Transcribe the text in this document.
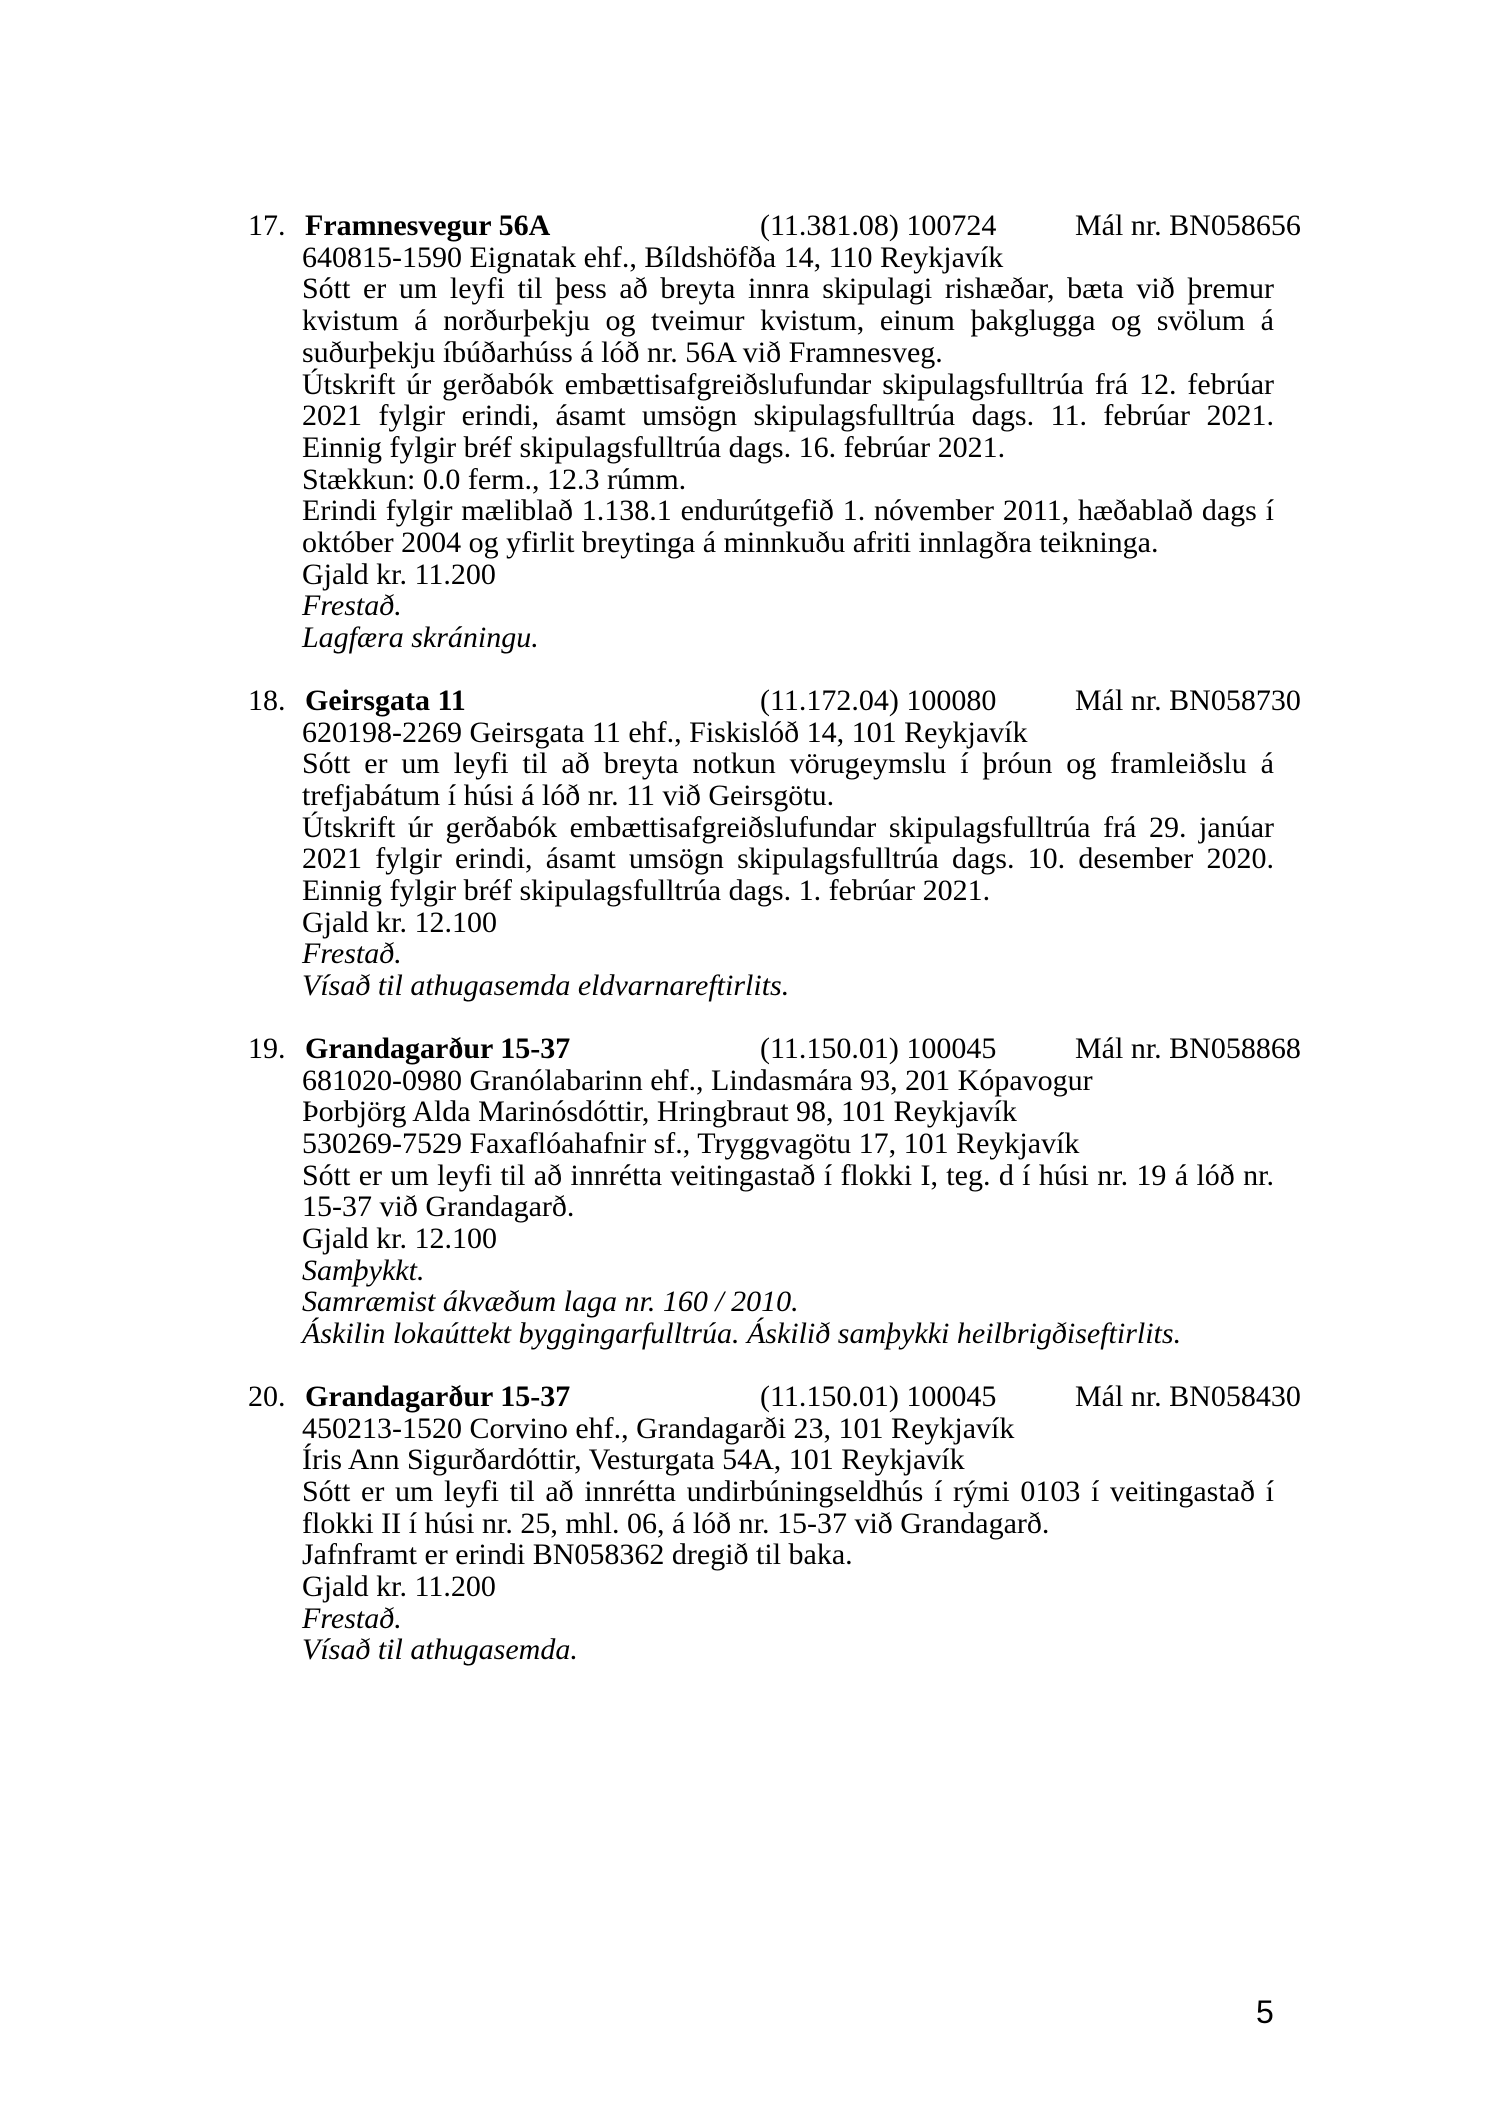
17. Framnesvegur 56A	(11.381.08) 100724	Mál nr. BN058656

640815-1590 Eignatak ehf., Bíldshöfða 14, 110 Reykjavík

Sótt er um leyfi til þess að breyta innra skipulagi rishæðar, bæta við þremur kvistum á norðurþekju og tveimur kvistum, einum þakglugga og svölum á suðurþekju íbúðarhúss á lóð nr. 56A við Framnesveg.

Útskrift úr gerðabók embættisafgreiðslufundar skipulagsfulltrúa frá 12. febrúar 2021 fylgir erindi, ásamt umsögn skipulagsfulltrúa dags. 11. febrúar 2021. Einnig fylgir bréf skipulagsfulltrúa dags. 16. febrúar 2021.

Stækkun: 0.0 ferm., 12.3 rúmm.

Erindi fylgir mæliblað 1.138.1 endurútgefið 1. nóvember 2011, hæðablað dags í október 2004 og yfirlit breytinga á minnkuðu afriti innlagðra teikninga.

Gjald kr. 11.200

Frestað.

Lagfæra skráningu.

18. Geirsgata 11	(11.172.04) 100080	Mál nr. BN058730

620198-2269 Geirsgata 11 ehf., Fiskislóð 14, 101 Reykjavík

Sótt er um leyfi til að breyta notkun vörugeymslu í þróun og framleiðslu á trefjabátum í húsi á lóð nr. 11 við Geirsgötu.

Útskrift úr gerðabók embættisafgreiðslufundar skipulagsfulltrúa frá 29. janúar 2021 fylgir erindi, ásamt umsögn skipulagsfulltrúa dags. 10. desember 2020. Einnig fylgir bréf skipulagsfulltrúa dags. 1. febrúar 2021.

Gjald kr. 12.100

Frestað.

Vísað til athugasemda eldvarnareftirlits.

19. Grandagarður 15-37	(11.150.01) 100045	Mál nr. BN058868

681020-0980 Granólabarinn ehf., Lindasmára 93, 201 Kópavogur

Þorbjörg Alda Marinósdóttir, Hringbraut 98, 101 Reykjavík

530269-7529 Faxaflóahafnir sf., Tryggvagötu 17, 101 Reykjavík

Sótt er um leyfi til að innrétta veitingastað í flokki I, teg. d í húsi nr. 19 á lóð nr. 15-37 við Grandagarð.

Gjald kr. 12.100

Samþykkt.

Samræmist ákvæðum laga nr. 160 / 2010.

Áskilin lokaúttekt byggingarfulltrúa. Áskilið samþykki heilbrigðiseftirlits.

20. Grandagarður 15-37	(11.150.01) 100045	Mál nr. BN058430

450213-1520 Corvino ehf., Grandagarði 23, 101 Reykjavík

Íris Ann Sigurðardóttir, Vesturgata 54A, 101 Reykjavík

Sótt er um leyfi til að innrétta undirbúningseldhús í rými 0103 í veitingastað í flokki II í húsi nr. 25, mhl. 06, á lóð nr. 15-37 við Grandagarð.

Jafnframt er erindi BN058362 dregið til baka.

Gjald kr. 11.200

Frestað.

Vísað til athugasemda.

5
